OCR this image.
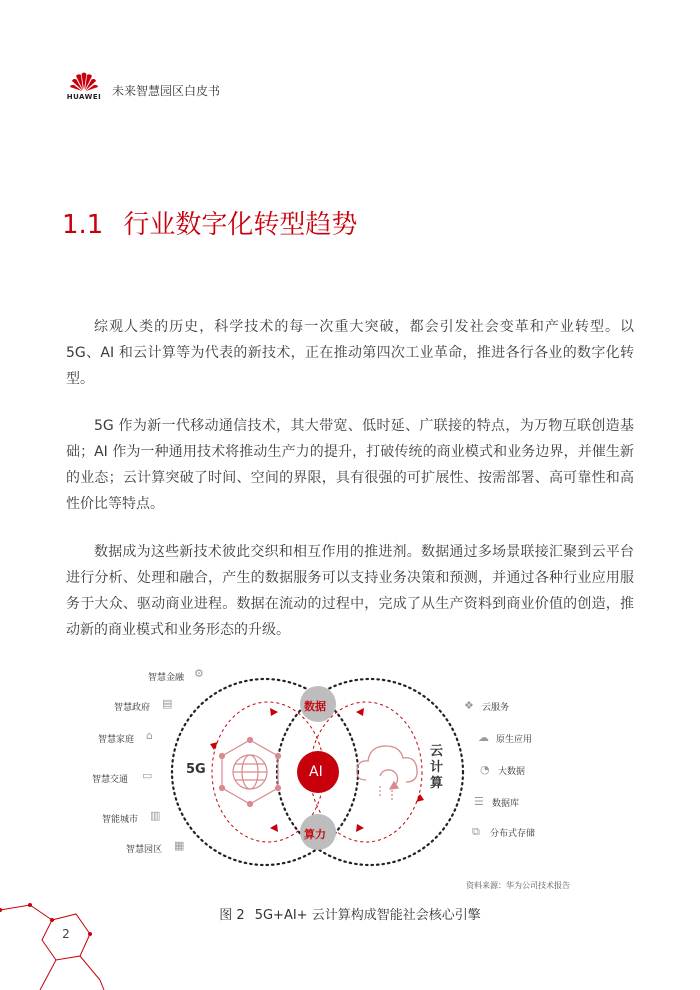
HUAWEI 未来智慧园区白皮书
1.1 行业数字化转型趋势
综观人类的历史，科学技术的每一次重大突破，都会引发社会变革和产业转型。以 5G、AI 和云计算等为代表的新技术，正在推动第四次工业革命，推进各行各业的数字化转型。
5G 作为新一代移动通信技术，其大带宽、低时延、广联接的特点，为万物互联创造基础；AI 作为一种通用技术将推动生产力的提升，打破传统的商业模式和业务边界，并催生新的业态；云计算突破了时间、空间的界限，具有很强的可扩展性、按需部署、高可靠性和高性价比等特点。
数据成为这些新技术彼此交织和相互作用的推进剂。数据通过多场景联接汇聚到云平台进行分析、处理和融合，产生的数据服务可以支持业务决策和预测，并通过各种行业应用服务于大众、驱动商业进程。数据在流动的过程中，完成了从生产资料到商业价值的创造，推动新的商业模式和业务形态的升级。
数据
AI
算力
5G
云计算
智慧金融 ⚙
智慧政府 ▤
智慧家庭 ⌂
智慧交通 ▭
智能城市 ▥
智慧园区 ▦
❖ 云服务
☁ 原生应用
◔ 大数据
☰ 数据库
⧉	分布式存储
资料来源：华为公司技术报告
图 2 5G+AI+ 云计算构成智能社会核心引擎
2
